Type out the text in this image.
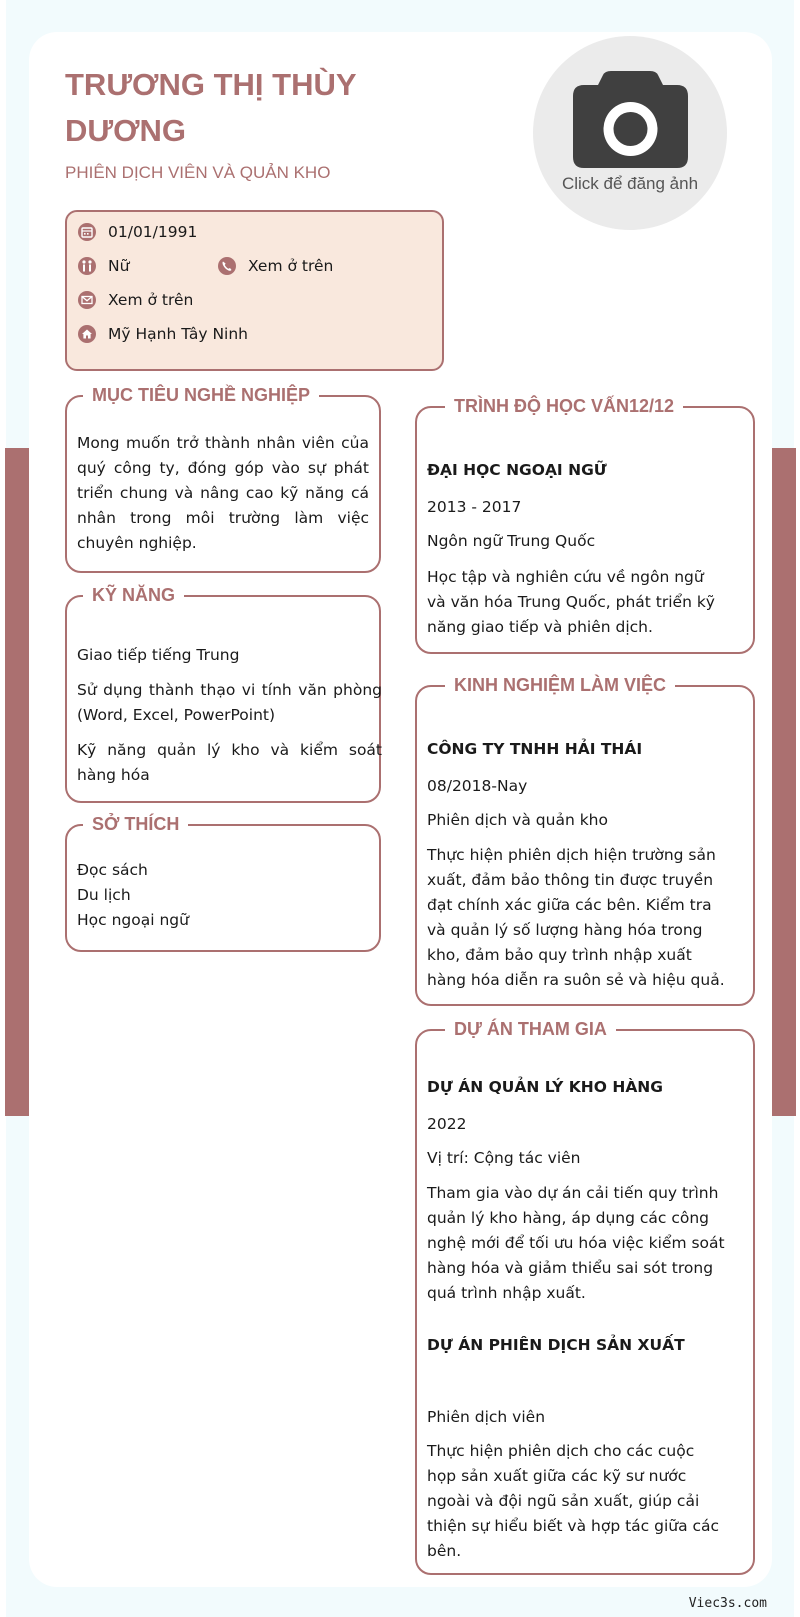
TRƯƠNG THỊ THÙY DƯƠNG
PHIÊN DỊCH VIÊN VÀ QUẢN KHO
Click để đăng ảnh
01/01/1991
Nữ	Xem ở trên
Xem ở trên
Mỹ Hạnh Tây Ninh
MỤC TIÊU NGHỀ NGHIỆP
Mong muốn trở thành nhân viên của quý công ty, đóng góp vào sự phát triển chung và nâng cao kỹ năng cá nhân trong môi trường làm việc chuyên nghiệp.
KỸ NĂNG
Giao tiếp tiếng Trung
Sử dụng thành thạo vi tính văn phòng (Word, Excel, PowerPoint)
Kỹ năng quản lý kho và kiểm soát hàng hóa
SỞ THÍCH
Đọc sách
Du lịch
Học ngoại ngữ
TRÌNH ĐỘ HỌC VẤN12/12
ĐẠI HỌC NGOẠI NGỮ
2013 - 2017
Ngôn ngữ Trung Quốc
Học tập và nghiên cứu về ngôn ngữ và văn hóa Trung Quốc, phát triển kỹ năng giao tiếp và phiên dịch.
KINH NGHIỆM LÀM VIỆC
CÔNG TY TNHH HẢI THÁI
08/2018-Nay
Phiên dịch và quản kho
Thực hiện phiên dịch hiện trường sản xuất, đảm bảo thông tin được truyền đạt chính xác giữa các bên. Kiểm tra và quản lý số lượng hàng hóa trong kho, đảm bảo quy trình nhập xuất hàng hóa diễn ra suôn sẻ và hiệu quả.
DỰ ÁN THAM GIA
DỰ ÁN QUẢN LÝ KHO HÀNG
2022
Vị trí: Cộng tác viên
Tham gia vào dự án cải tiến quy trình quản lý kho hàng, áp dụng các công nghệ mới để tối ưu hóa việc kiểm soát hàng hóa và giảm thiểu sai sót trong quá trình nhập xuất.
DỰ ÁN PHIÊN DỊCH SẢN XUẤT
Phiên dịch viên
Thực hiện phiên dịch cho các cuộc họp sản xuất giữa các kỹ sư nước ngoài và đội ngũ sản xuất, giúp cải thiện sự hiểu biết và hợp tác giữa các bên.
Viec3s.com
